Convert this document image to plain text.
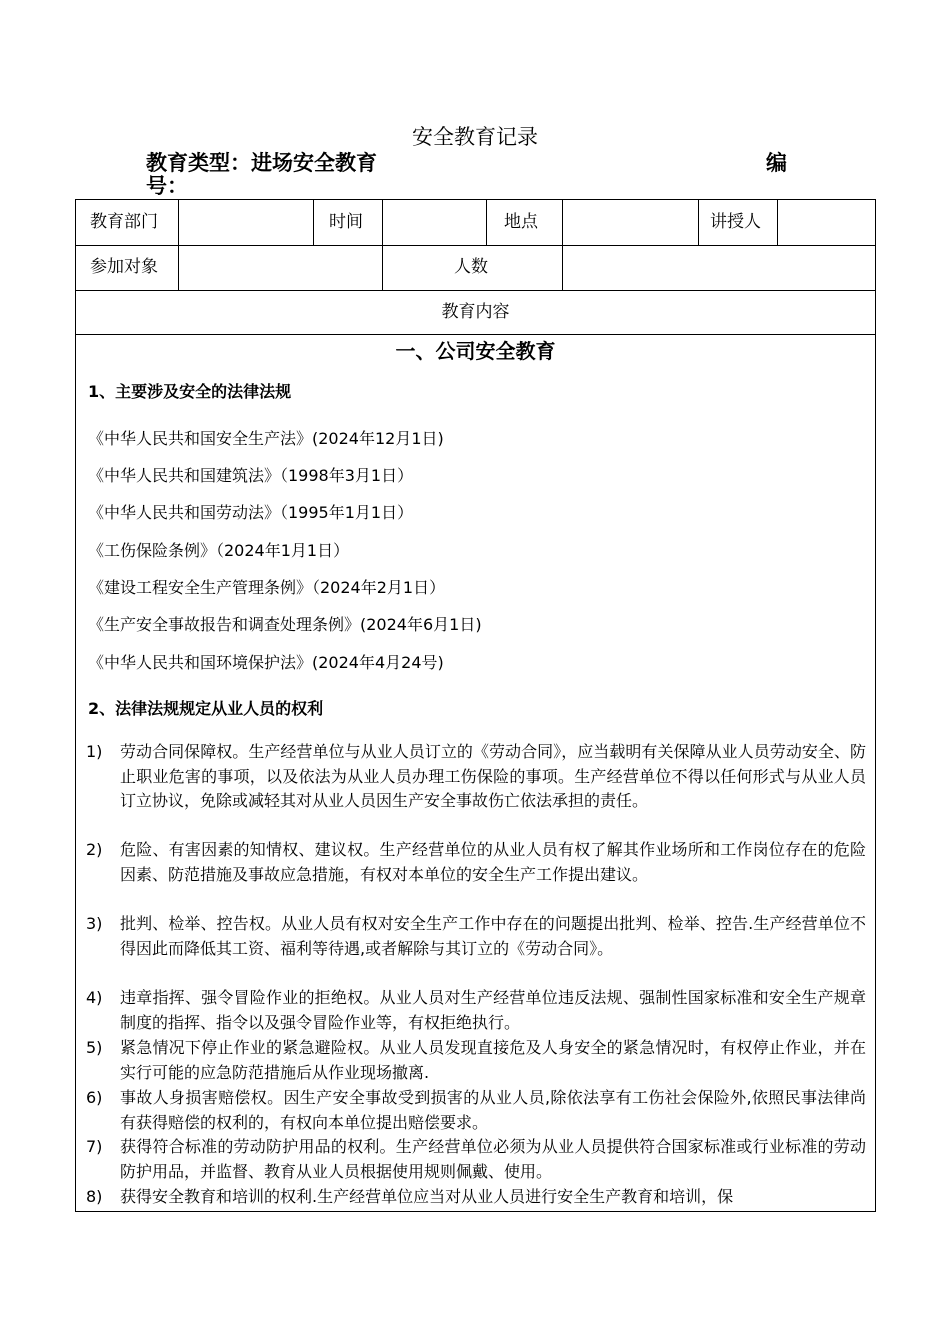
安全教育记录
教育类型：进场安全教育	编
号：
教育部门	时间	地点	讲授人
参加对象	人数
教育内容
一、公司安全教育
1、主要涉及安全的法律法规
《中华人民共和国安全生产法》(2024年12月1日)
《中华人民共和国建筑法》（1998年3月1日）
《中华人民共和国劳动法》（1995年1月1日）
《工伤保险条例》（2024年1月1日）
《建设工程安全生产管理条例》（2024年2月1日）
《生产安全事故报告和调查处理条例》(2024年6月1日)
《中华人民共和国环境保护法》(2024年4月24号)
2、法律法规规定从业人员的权利
1) 劳动合同保障权。生产经营单位与从业人员订立的《劳动合同》，应当载明有关保障从业人员劳动安全、防止职业危害的事项，以及依法为从业人员办理工伤保险的事项。生产经营单位不得以任何形式与从业人员订立协议，免除或减轻其对从业人员因生产安全事故伤亡依法承担的责任。
2) 危险、有害因素的知情权、建议权。生产经营单位的从业人员有权了解其作业场所和工作岗位存在的危险因素、防范措施及事故应急措施，有权对本单位的安全生产工作提出建议。
3) 批判、检举、控告权。从业人员有权对安全生产工作中存在的问题提出批判、检举、控告.生产经营单位不得因此而降低其工资、福利等待遇,或者解除与其订立的《劳动合同》。
4) 违章指挥、强令冒险作业的拒绝权。从业人员对生产经营单位违反法规、强制性国家标准和安全生产规章制度的指挥、指令以及强令冒险作业等，有权拒绝执行。
5) 紧急情况下停止作业的紧急避险权。从业人员发现直接危及人身安全的紧急情况时，有权停止作业，并在实行可能的应急防范措施后从作业现场撤离.
6) 事故人身损害赔偿权。因生产安全事故受到损害的从业人员,除依法享有工伤社会保险外,依照民事法律尚有获得赔偿的权利的，有权向本单位提出赔偿要求。
7) 获得符合标准的劳动防护用品的权利。生产经营单位必须为从业人员提供符合国家标准或行业标准的劳动防护用品，并监督、教育从业人员根据使用规则佩戴、使用。
8) 获得安全教育和培训的权利.生产经营单位应当对从业人员进行安全生产教育和培训，保
